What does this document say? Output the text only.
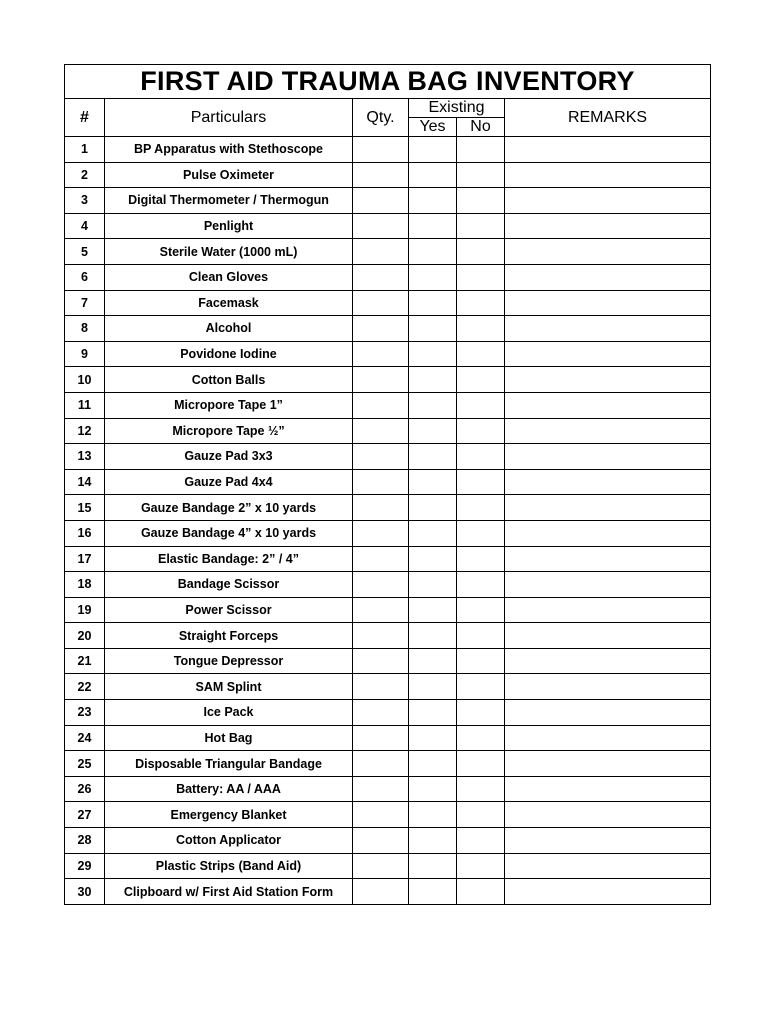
FIRST AID TRAUMA BAG INVENTORY					
#	Particulars	Qty.	Existing		REMARKS
			Yes	No	
1	BP Apparatus with Stethoscope				
2	Pulse Oximeter				
3	Digital Thermometer / Thermogun				
4	Penlight				
5	Sterile Water (1000 mL)				
6	Clean Gloves				
7	Facemask				
8	Alcohol				
9	Povidone Iodine				
10	Cotton Balls				
11	Micropore Tape 1”				
12	Micropore Tape ½”				
13	Gauze Pad 3x3				
14	Gauze Pad 4x4				
15	Gauze Bandage 2” x 10 yards				
16	Gauze Bandage 4” x 10 yards				
17	Elastic Bandage: 2” / 4”				
18	Bandage Scissor				
19	Power Scissor				
20	Straight Forceps				
21	Tongue Depressor				
22	SAM Splint				
23	Ice Pack				
24	Hot Bag				
25	Disposable Triangular Bandage				
26	Battery: AA / AAA				
27	Emergency Blanket				
28	Cotton Applicator				
29	Plastic Strips (Band Aid)				
30	Clipboard w/ First Aid Station Form				
